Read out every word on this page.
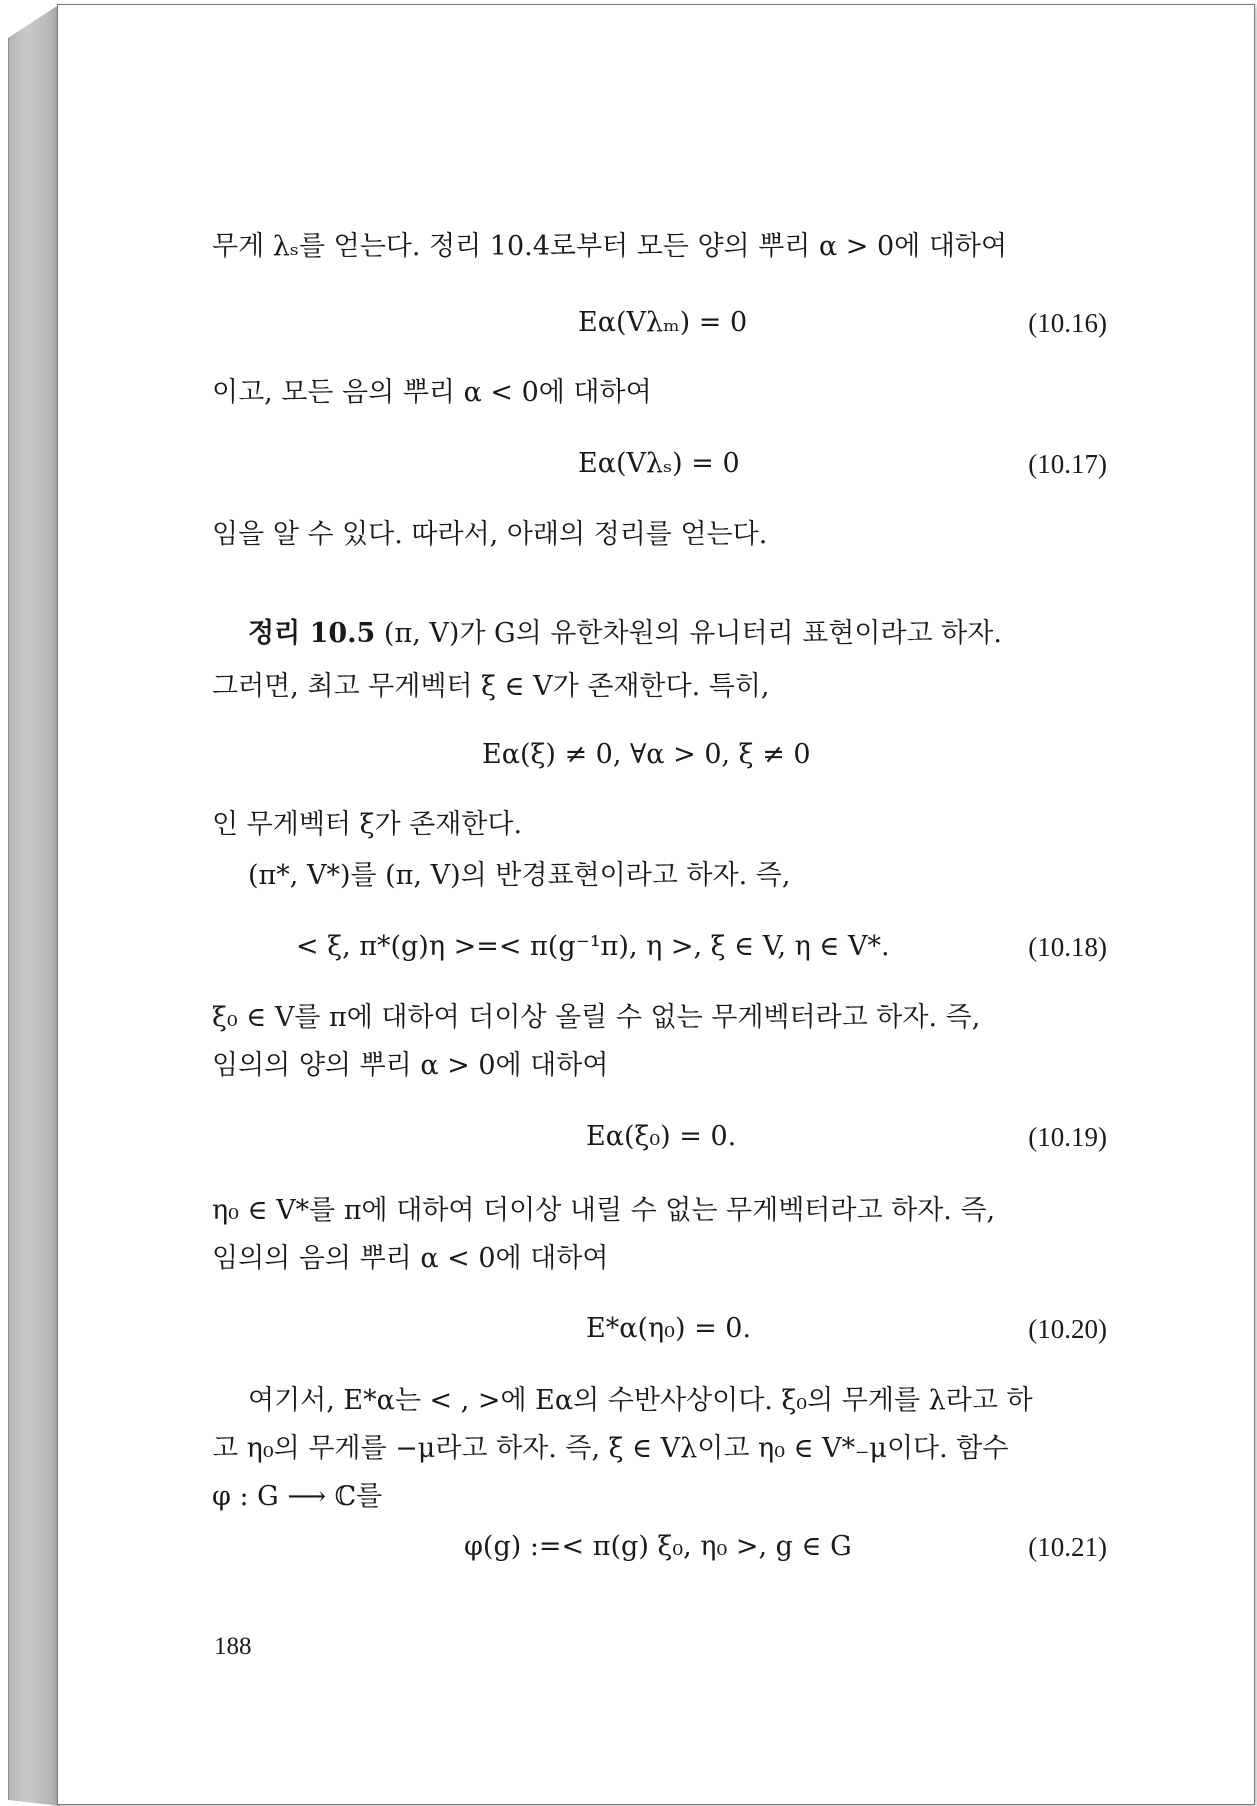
무게 λₛ를 얻는다. 정리 10.4로부터 모든 양의 뿌리 α > 0에 대하여
Eα(Vλₘ) = 0	(10.16)
이고, 모든 음의 뿌리 α < 0에 대하여
Eα(Vλₛ) = 0	(10.17)
임을 알 수 있다. 따라서, 아래의 정리를 얻는다.
정리 10.5 (π, V)가 G의 유한차원의 유니터리 표현이라고 하자.
그러면, 최고 무게벡터 ξ ∈ V가 존재한다. 특히,
Eα(ξ) ≠ 0, ∀α > 0, ξ ≠ 0
인 무게벡터 ξ가 존재한다.
(π*, V*)를 (π, V)의 반경표현이라고 하자. 즉,
< ξ, π*(g)η >=< π(g⁻¹π), η >, ξ ∈ V, η ∈ V*.	(10.18)
ξ₀ ∈ V를 π에 대하여 더이상 올릴 수 없는 무게벡터라고 하자. 즉,
임의의 양의 뿌리 α > 0에 대하여
Eα(ξ₀) = 0.	(10.19)
η₀ ∈ V*를 π에 대하여 더이상 내릴 수 없는 무게벡터라고 하자. 즉,
임의의 음의 뿌리 α < 0에 대하여
E*α(η₀) = 0.	(10.20)
여기서, E*α는 < , >에 Eα의 수반사상이다. ξ₀의 무게를 λ라고 하
고 η₀의 무게를 −μ라고 하자. 즉, ξ ∈ Vλ이고 η₀ ∈ V*₋μ이다. 함수
φ : G ⟶ ℂ를
φ(g) :=< π(g) ξ₀, η₀ >, g ∈ G	(10.21)
188
